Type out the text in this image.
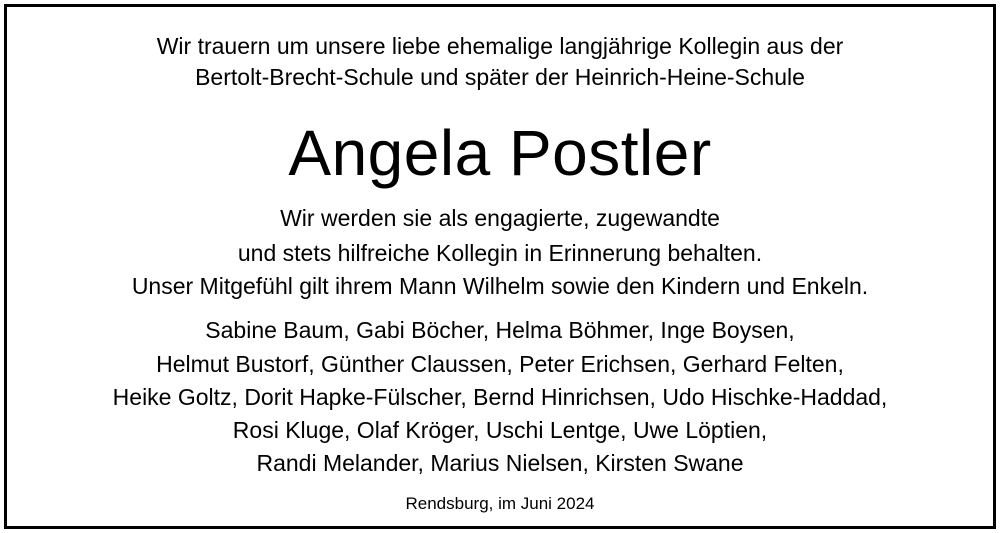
Wir trauern um unsere liebe ehemalige langjährige Kollegin aus der
Bertolt-Brecht-Schule und später der Heinrich-Heine-Schule
Angela Postler
Wir werden sie als engagierte, zugewandte
und stets hilfreiche Kollegin in Erinnerung behalten.
Unser Mitgefühl gilt ihrem Mann Wilhelm sowie den Kindern und Enkeln.
Sabine Baum, Gabi Böcher, Helma Böhmer, Inge Boysen,
Helmut Bustorf, Günther Claussen, Peter Erichsen, Gerhard Felten,
Heike Goltz, Dorit Hapke-Fülscher, Bernd Hinrichsen, Udo Hischke-Haddad,
Rosi Kluge, Olaf Kröger, Uschi Lentge, Uwe Löptien,
Randi Melander, Marius Nielsen, Kirsten Swane
Rendsburg, im Juni 2024
